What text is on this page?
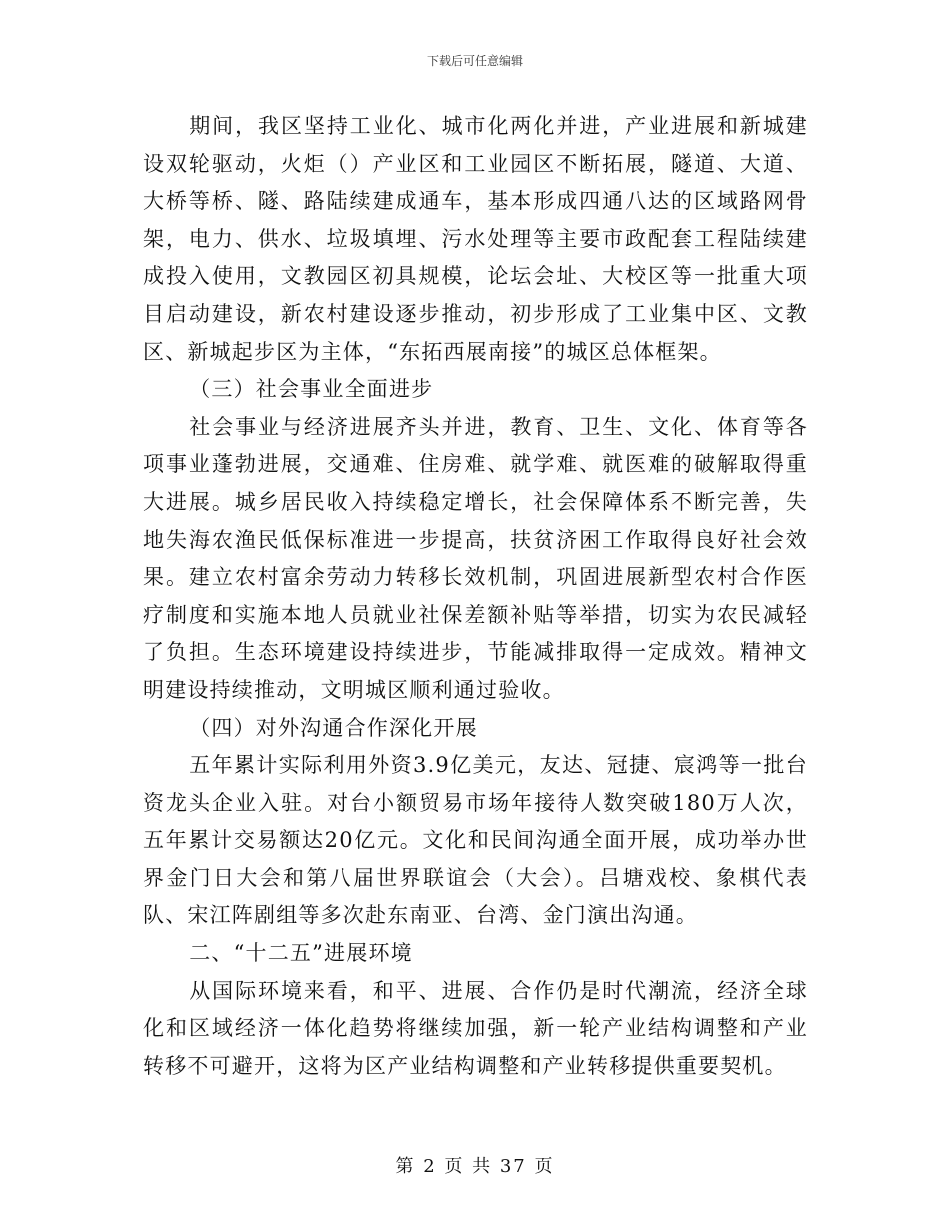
下载后可任意编辑

期间，我区坚持工业化、城市化两化并进，产业进展和新城建设双轮驱动，火炬（）产业区和工业园区不断拓展，隧道、大道、大桥等桥、隧、路陆续建成通车，基本形成四通八达的区域路网骨架，电力、供水、垃圾填埋、污水处理等主要市政配套工程陆续建成投入使用，文教园区初具规模，论坛会址、大校区等一批重大项目启动建设，新农村建设逐步推动，初步形成了工业集中区、文教区、新城起步区为主体，“东拓西展南接”的城区总体框架。

（三）社会事业全面进步

社会事业与经济进展齐头并进，教育、卫生、文化、体育等各项事业蓬勃进展，交通难、住房难、就学难、就医难的破解取得重大进展。城乡居民收入持续稳定增长，社会保障体系不断完善，失地失海农渔民低保标准进一步提高，扶贫济困工作取得良好社会效果。建立农村富余劳动力转移长效机制，巩固进展新型农村合作医疗制度和实施本地人员就业社保差额补贴等举措，切实为农民减轻了负担。生态环境建设持续进步，节能减排取得一定成效。精神文明建设持续推动，文明城区顺利通过验收。

（四）对外沟通合作深化开展

五年累计实际利用外资3.9亿美元，友达、冠捷、宸鸿等一批台资龙头企业入驻。对台小额贸易市场年接待人数突破180万人次，五年累计交易额达20亿元。文化和民间沟通全面开展，成功举办世界金门日大会和第八届世界联谊会（大会）。吕塘戏校、象棋代表队、宋江阵剧组等多次赴东南亚、台湾、金门演出沟通。

二、“十二五”进展环境

从国际环境来看，和平、进展、合作仍是时代潮流，经济全球化和区域经济一体化趋势将继续加强，新一轮产业结构调整和产业转移不可避开，这将为区产业结构调整和产业转移提供重要契机。

第 2 页 共 37 页
